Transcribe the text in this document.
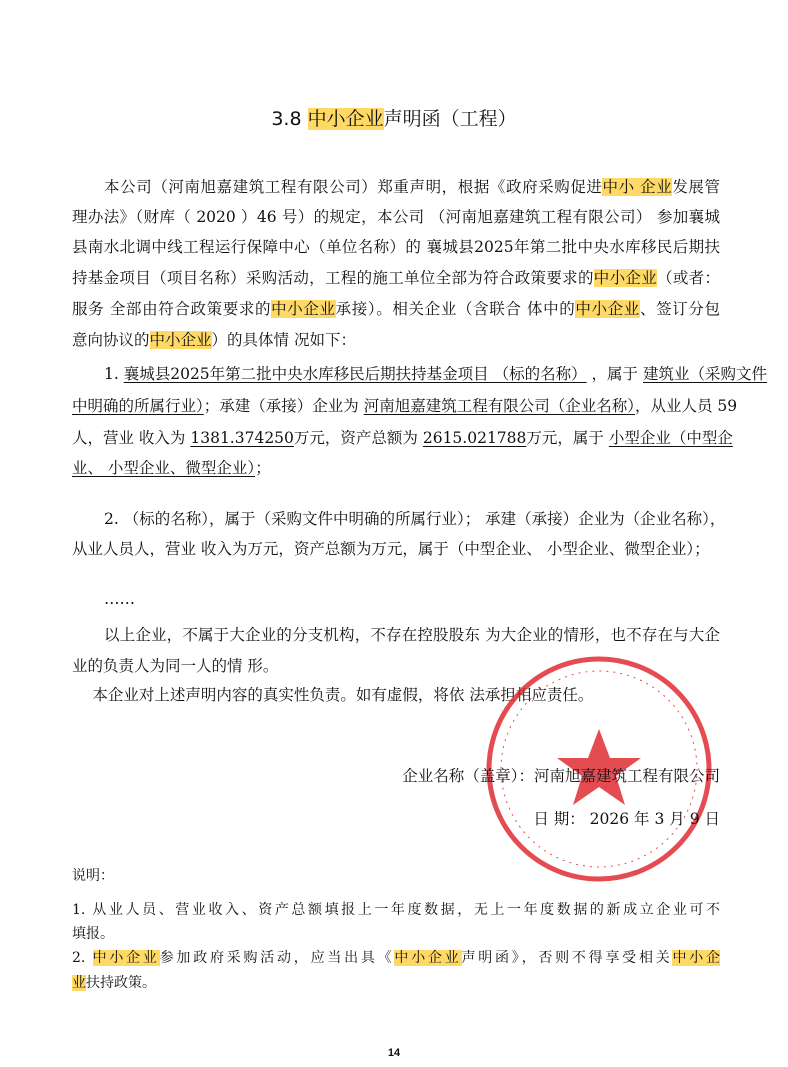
3.8 中小企业声明函（工程）
本公司（河南旭嘉建筑工程有限公司）郑重声明，根据《政府采购促进中小 企业发展管
理办法》（财库（ 2020 ）46 号）的规定，本公司 （河南旭嘉建筑工程有限公司） 参加襄城
县南水北调中线工程运行保障中心（单位名称）的 襄城县2025年第二批中央水库移民后期扶
持基金项目（项目名称）采购活动，工程的施工单位全部为符合政策要求的中小企业（或者：
服务 全部由符合政策要求的中小企业承接）。相关企业（含联合 体中的中小企业、签订分包
意向协议的中小企业）的具体情 况如下：
1. 襄城县2025年第二批中央水库移民后期扶持基金项目 （标的名称） ，属于 建筑业（采购文件
中明确的所属行业）；承建（承接）企业为 河南旭嘉建筑工程有限公司（企业名称），从业人员 59
人，营业 收入为 1381.374250万元，资产总额为 2615.021788万元，属于 小型企业（中型企
业、 小型企业、微型企业）；
2. （标的名称），属于（采购文件中明确的所属行业）； 承建（承接）企业为（企业名称），
从业人员人，营业 收入为万元，资产总额为万元，属于（中型企业、 小型企业、微型企业）；
……
以上企业，不属于大企业的分支机构，不存在控股股东 为大企业的情形，也不存在与大企
业的负责人为同一人的情 形。
　 本企业对上述声明内容的真实性负责。如有虚假，将依 法承担相应责任。
企业名称（盖章）：河南旭嘉建筑工程有限公司
日 期： 2026 年 3 月 9 日
说明：
1. 从业人员、营业收入、资产总额填报上一年度数据，无上一年度数据的新成立企业可不
填报。
2. 中小企业参加政府采购活动，应当出具《中小企业声明函》，否则不得享受相关中小企
业扶持政策。
14
